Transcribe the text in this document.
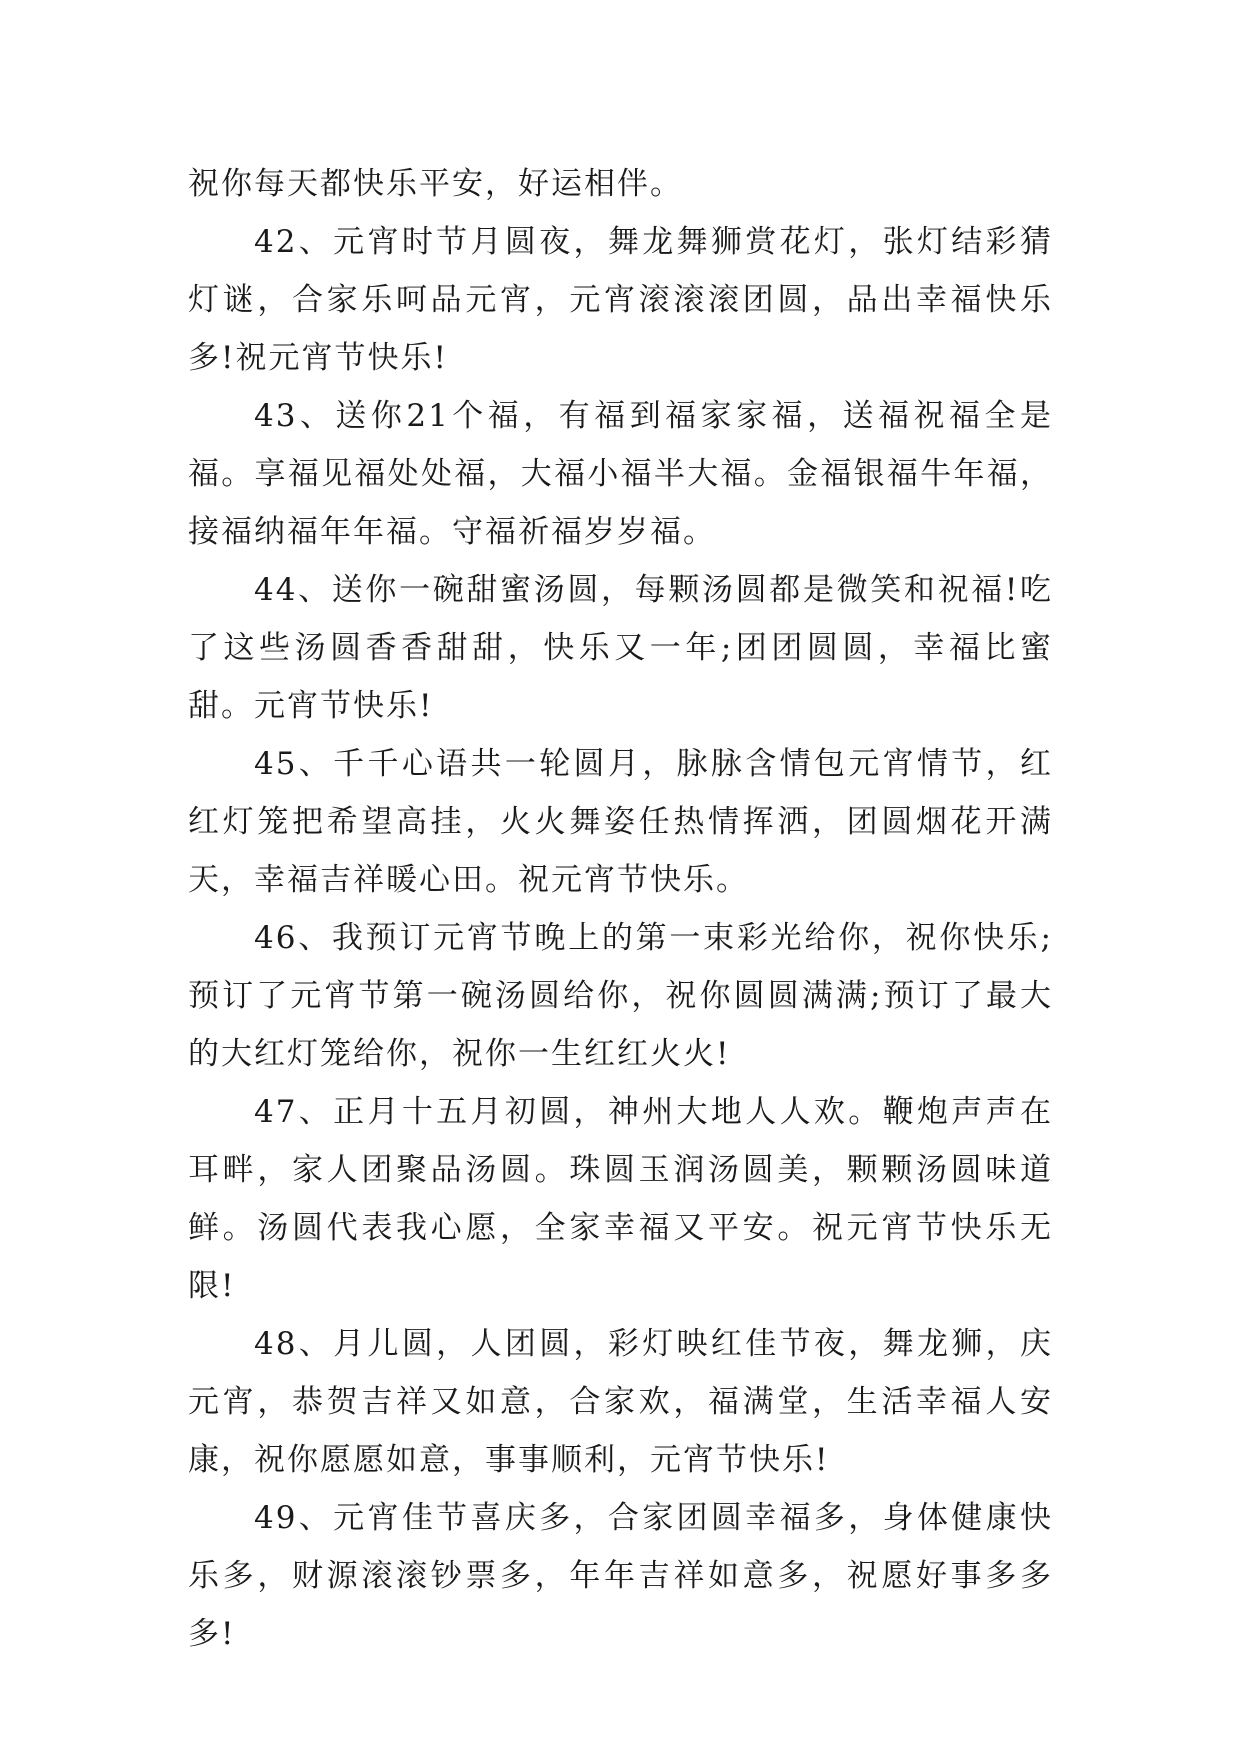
祝你每天都快乐平安，好运相伴。

42、元宵时节月圆夜，舞龙舞狮赏花灯，张灯结彩猜灯谜，合家乐呵品元宵，元宵滚滚滚团圆，品出幸福快乐多!祝元宵节快乐!

43、送你21个福，有福到福家家福，送福祝福全是福。享福见福处处福，大福小福半大福。金福银福牛年福，接福纳福年年福。守福祈福岁岁福。

44、送你一碗甜蜜汤圆，每颗汤圆都是微笑和祝福!吃了这些汤圆香香甜甜，快乐又一年;团团圆圆，幸福比蜜甜。元宵节快乐!

45、千千心语共一轮圆月，脉脉含情包元宵情节，红红灯笼把希望高挂，火火舞姿任热情挥洒，团圆烟花开满天，幸福吉祥暖心田。祝元宵节快乐。

46、我预订元宵节晚上的第一束彩光给你，祝你快乐;预订了元宵节第一碗汤圆给你，祝你圆圆满满;预订了最大的大红灯笼给你，祝你一生红红火火!

47、正月十五月初圆，神州大地人人欢。鞭炮声声在耳畔，家人团聚品汤圆。珠圆玉润汤圆美，颗颗汤圆味道鲜。汤圆代表我心愿，全家幸福又平安。祝元宵节快乐无限!

48、月儿圆，人团圆，彩灯映红佳节夜，舞龙狮，庆元宵，恭贺吉祥又如意，合家欢，福满堂，生活幸福人安康，祝你愿愿如意，事事顺利，元宵节快乐!

49、元宵佳节喜庆多，合家团圆幸福多，身体健康快乐多，财源滚滚钞票多，年年吉祥如意多，祝愿好事多多多!
